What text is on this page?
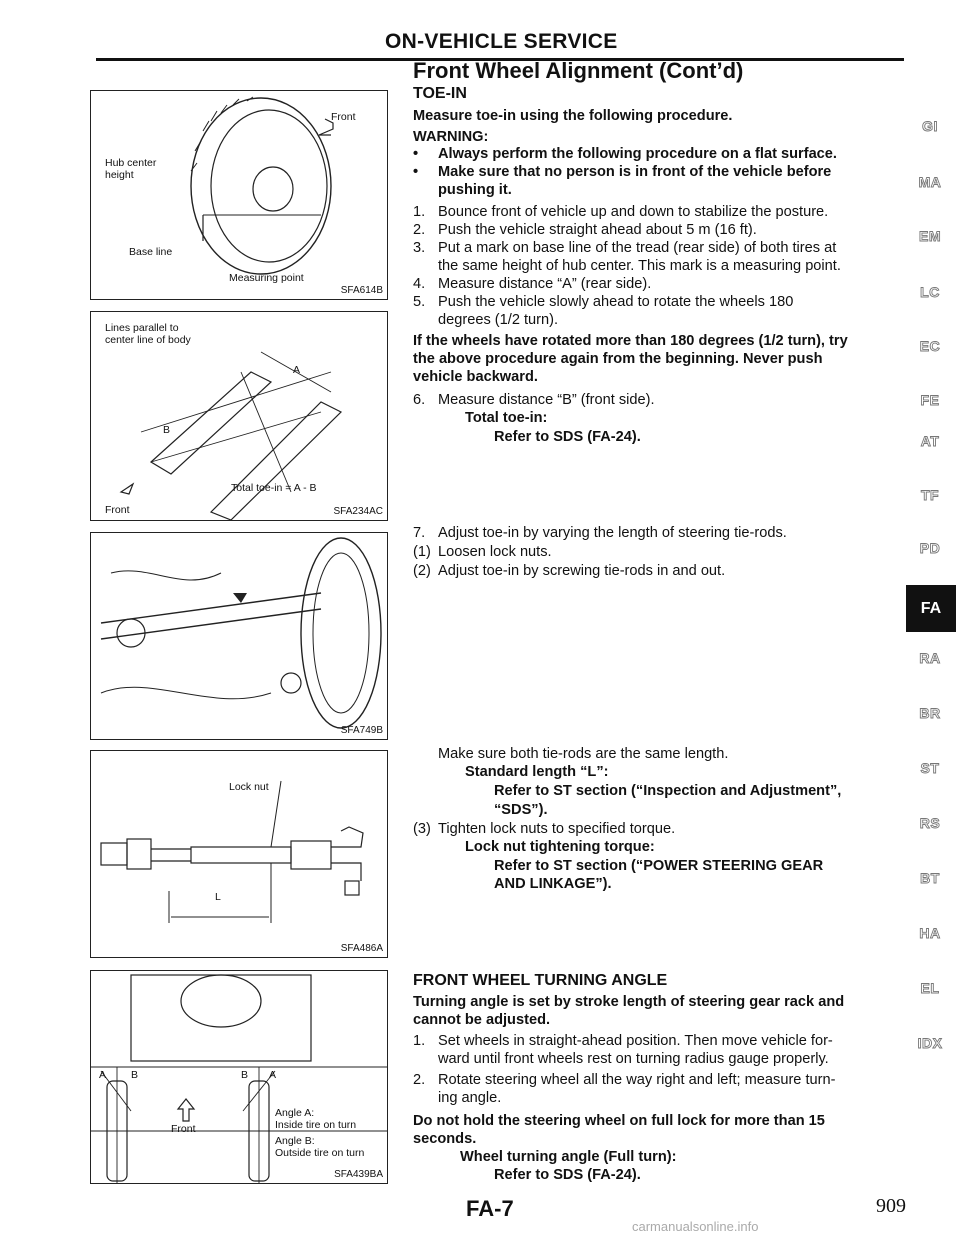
ON-VEHICLE SERVICE
Front Wheel Alignment (Cont’d)
Front
Hub center
height
Base line
Measuring point
SFA614B
Lines parallel to
center line of body
A
B
Total toe-in = A - B
Front	SFA234AC
SFA749B
Lock nut
L
SFA486A
A B	B A
Angle A:
Inside tire on turn
Angle B:
Outside tire on turn
Front
SFA439BA
TOE-IN
Measure toe-in using the following procedure.
WARNING:
• Always perform the following procedure on a flat surface.
• Make sure that no person is in front of the vehicle before
pushing it.
1. Bounce front of vehicle up and down to stabilize the posture.
2. Push the vehicle straight ahead about 5 m (16 ft).
3. Put a mark on base line of the tread (rear side) of both tires at
the same height of hub center. This mark is a measuring point.
4. Measure distance “A” (rear side).
5. Push the vehicle slowly ahead to rotate the wheels 180
degrees (1/2 turn).
If the wheels have rotated more than 180 degrees (1/2 turn), try
the above procedure again from the beginning. Never push
vehicle backward.
6. Measure distance “B” (front side).
Total toe-in:
Refer to SDS (FA-24).
7. Adjust toe-in by varying the length of steering tie-rods.
(1) Loosen lock nuts.
(2) Adjust toe-in by screwing tie-rods in and out.
Make sure both tie-rods are the same length.
Standard length “L”:
Refer to ST section (“Inspection and Adjustment”,
“SDS”).
(3) Tighten lock nuts to specified torque.
Lock nut tightening torque:
Refer to ST section (“POWER STEERING GEAR
AND LINKAGE”).
FRONT WHEEL TURNING ANGLE
Turning angle is set by stroke length of steering gear rack and
cannot be adjusted.
1. Set wheels in straight-ahead position. Then move vehicle for-
ward until front wheels rest on turning radius gauge properly.
2. Rotate steering wheel all the way right and left; measure turn-
ing angle.
Do not hold the steering wheel on full lock for more than 15
seconds.
Wheel turning angle (Full turn):
Refer to SDS (FA-24).
GI
MA
EM
LC
EC
FE
AT
TF
PD
FA
RA
BR
ST
RS
BT
HA
EL
IDX
FA-7	909
carmanualsonline.info
